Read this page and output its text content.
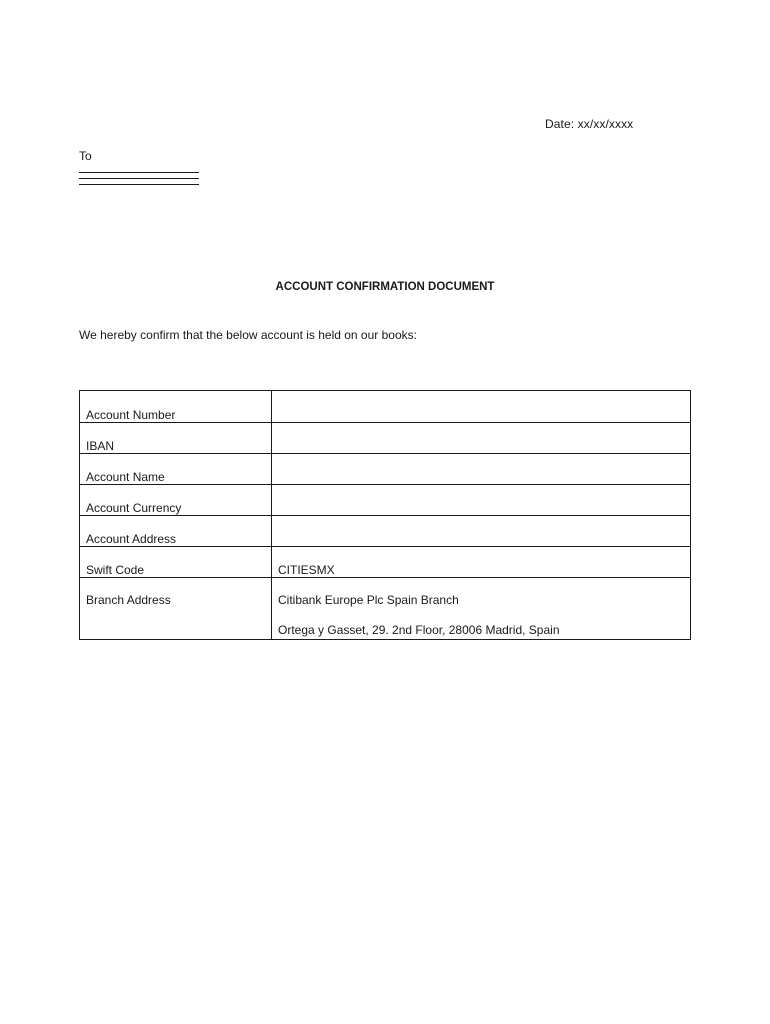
Date: xx/xx/xxxx
To
ACCOUNT CONFIRMATION DOCUMENT
We hereby confirm that the below account is held on our books:
Account Number	
IBAN	
Account Name	
Account Currency	
Account Address	
Swift Code	CITIESMX
Branch Address	Citibank Europe Plc Spain Branch
Ortega y Gasset, 29. 2nd Floor, 28006 Madrid, Spain
